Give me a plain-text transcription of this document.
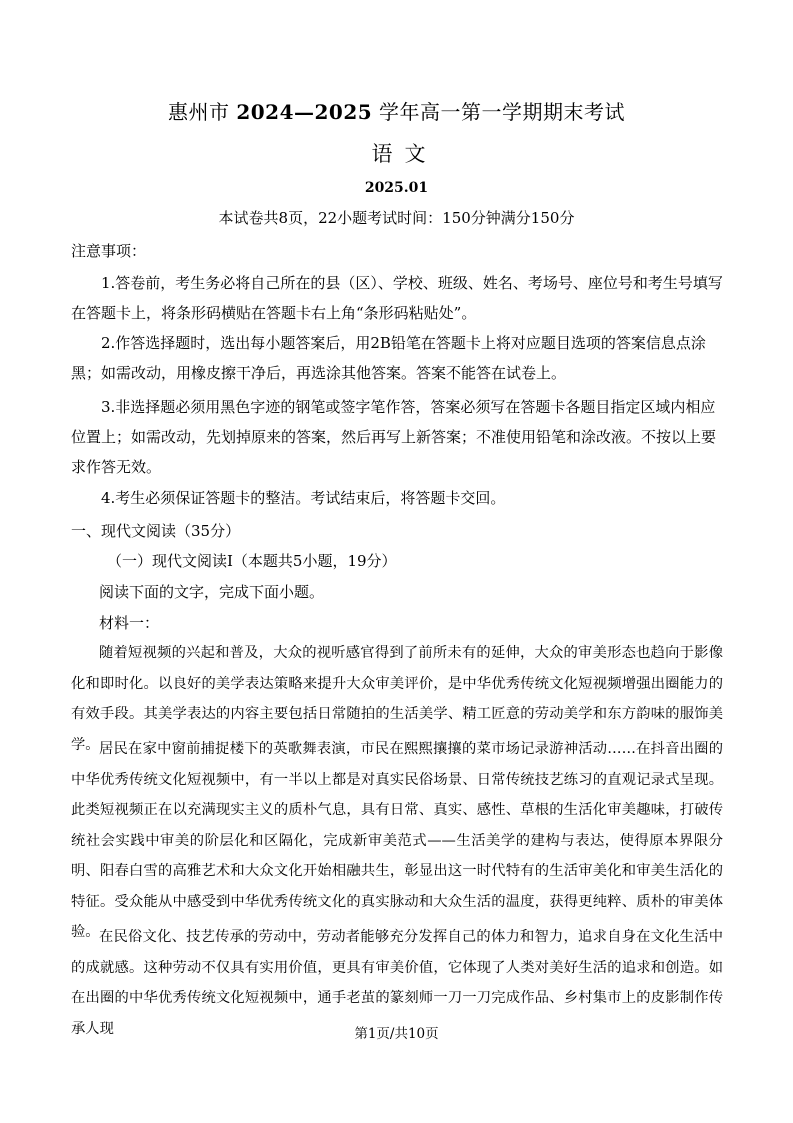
惠州市 2024—2025 学年高一第一学期期末考试
语文
2025.01
本试卷共8页，22小题考试时间：150分钟满分150分
注意事项：

1.答卷前，考生务必将自己所在的县（区）、学校、班级、姓名、考场号、座位号和考生号填写在答题卡上，将条形码横贴在答题卡右上角“条形码粘贴处”。

2.作答选择题时，选出每小题答案后，用2B铅笔在答题卡上将对应题目选项的答案信息点涂黑；如需改动，用橡皮擦干净后，再选涂其他答案。答案不能答在试卷上。

3.非选择题必须用黑色字迹的钢笔或签字笔作答，答案必须写在答题卡各题目指定区域内相应位置上；如需改动，先划掉原来的答案，然后再写上新答案；不准使用铅笔和涂改液。不按以上要求作答无效。

4.考生必须保证答题卡的整洁。考试结束后，将答题卡交回。

一、现代文阅读（35分）
（一）现代文阅读Ⅰ（本题共5小题，19分）
阅读下面的文字，完成下面小题。
材料一：

随着短视频的兴起和普及，大众的视听感官得到了前所未有的延伸，大众的审美形态也趋向于影像化和即时化。以良好的美学表达策略来提升大众审美评价，是中华优秀传统文化短视频增强出圈能力的有效手段。其美学表达的内容主要包括日常随拍的生活美学、精工匠意的劳动美学和东方韵味的服饰美学。 居民在家中窗前捕捉楼下的英歌舞表演，市民在熙熙攘攘的菜市场记录游神活动……在抖音出圈的中华优秀传统文化短视频中，有一半以上都是对真实民俗场景、日常传统技艺练习的直观记录式呈现。此类短视频正在以充满现实主义的质朴气息，具有日常、真实、感性、草根的生活化审美趣味，打破传统社会实践中审美的阶层化和区隔化，完成新审美范式——生活美学的建构与表达，使得原本界限分明、阳春白雪的高雅艺术和大众文化开始相融共生，彰显出这一时代特有的生活审美化和审美生活化的特征。受众能从中感受到中华优秀传统文化的真实脉动和大众生活的温度，获得更纯粹、质朴的审美体验。 在民俗文化、技艺传承的劳动中，劳动者能够充分发挥自己的体力和智力，追求自身在文化生活中的成就感。这种劳动不仅具有实用价值，更具有审美价值，它体现了人类对美好生活的追求和创造。如在出圈的中华优秀传统文化短视频中，通手老茧的篆刻师一刀一刀完成作品、乡村集市上的皮影制作传承人现	第1页/共10页
